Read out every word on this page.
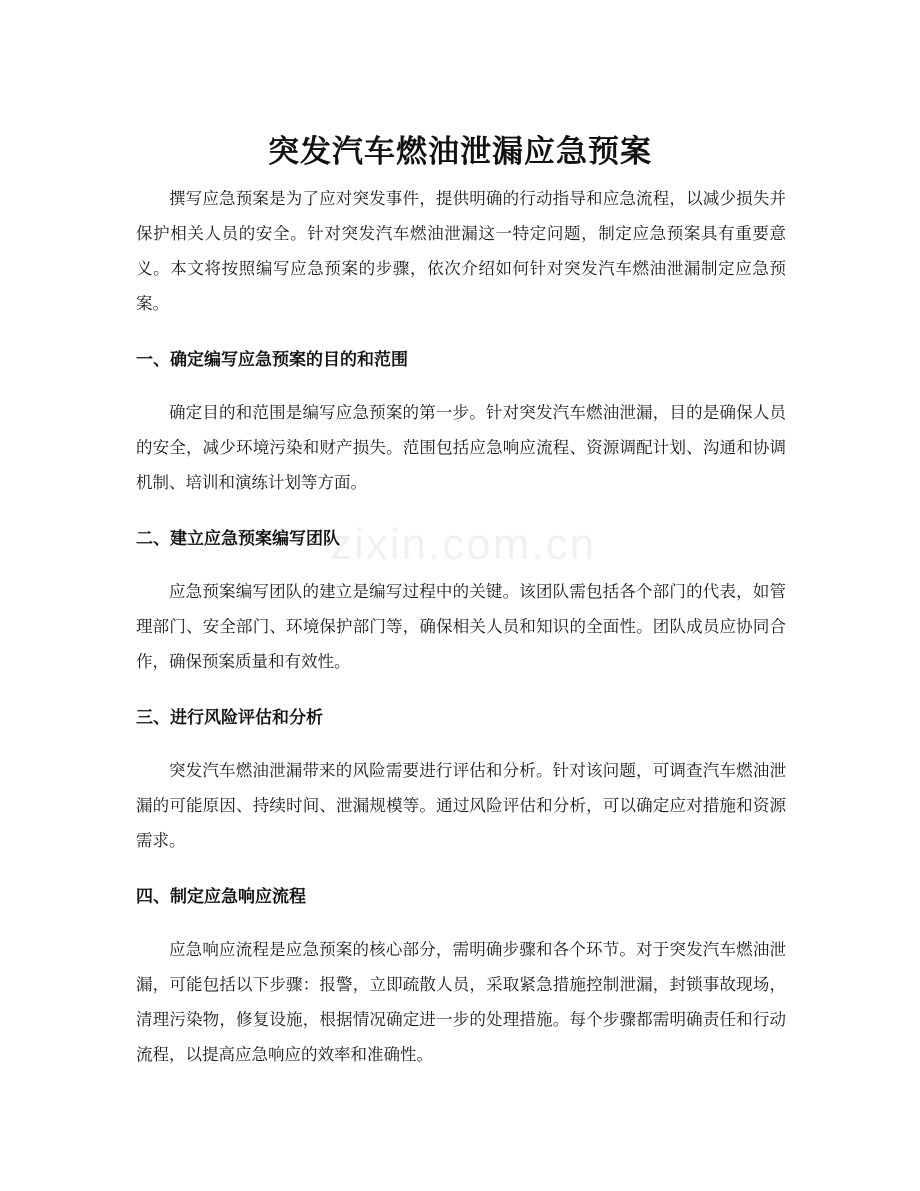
zixin.com.cn
突发汽车燃油泄漏应急预案

撰写应急预案是为了应对突发事件，提供明确的行动指导和应急流程，以减少损失并保护相关人员的安全。针对突发汽车燃油泄漏这一特定问题，制定应急预案具有重要意义。本文将按照编写应急预案的步骤，依次介绍如何针对突发汽车燃油泄漏制定应急预案。

一、确定编写应急预案的目的和范围

确定目的和范围是编写应急预案的第一步。针对突发汽车燃油泄漏，目的是确保人员的安全，减少环境污染和财产损失。范围包括应急响应流程、资源调配计划、沟通和协调机制、培训和演练计划等方面。

二、建立应急预案编写团队

应急预案编写团队的建立是编写过程中的关键。该团队需包括各个部门的代表，如管理部门、安全部门、环境保护部门等，确保相关人员和知识的全面性。团队成员应协同合作，确保预案质量和有效性。

三、进行风险评估和分析

突发汽车燃油泄漏带来的风险需要进行评估和分析。针对该问题，可调查汽车燃油泄漏的可能原因、持续时间、泄漏规模等。通过风险评估和分析，可以确定应对措施和资源需求。

四、制定应急响应流程

应急响应流程是应急预案的核心部分，需明确步骤和各个环节。对于突发汽车燃油泄漏，可能包括以下步骤：报警，立即疏散人员，采取紧急措施控制泄漏，封锁事故现场，清理污染物，修复设施，根据情况确定进一步的处理措施。每个步骤都需明确责任和行动流程，以提高应急响应的效率和准确性。
